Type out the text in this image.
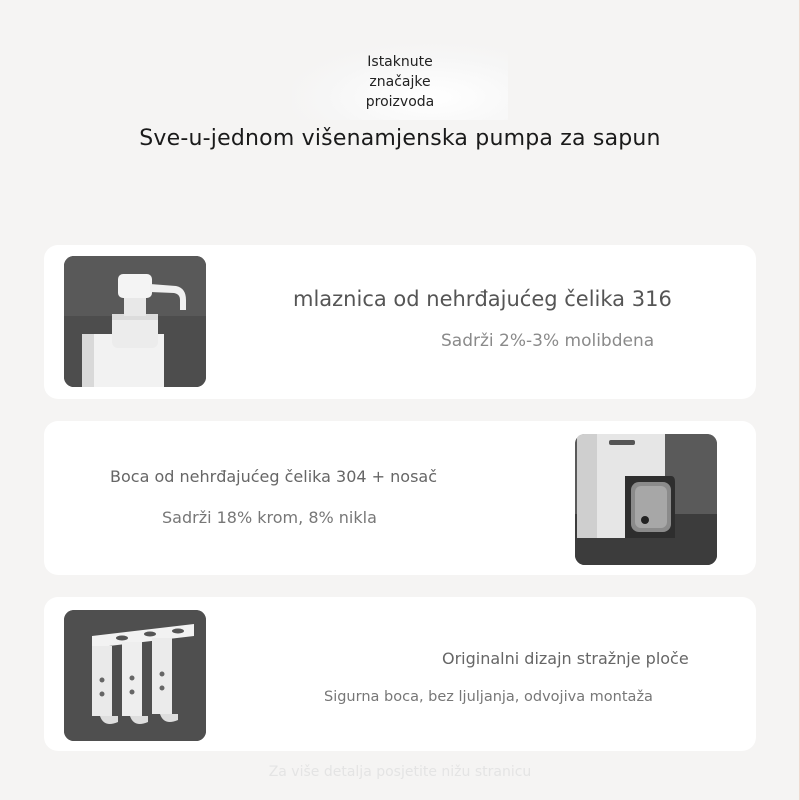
Istaknute
značajke
proizvoda
Sve-u-jednom višenamjenska pumpa za sapun
mlaznica od nehrđajućeg čelika 316
Sadrži 2%-3% molibdena
Boca od nehrđajućeg čelika 304 + nosač
Sadrži 18% krom, 8% nikla
Originalni dizajn stražnje ploče
Sigurna boca, bez ljuljanja, odvojiva montaža
Za više detalja posjetite nižu stranicu
